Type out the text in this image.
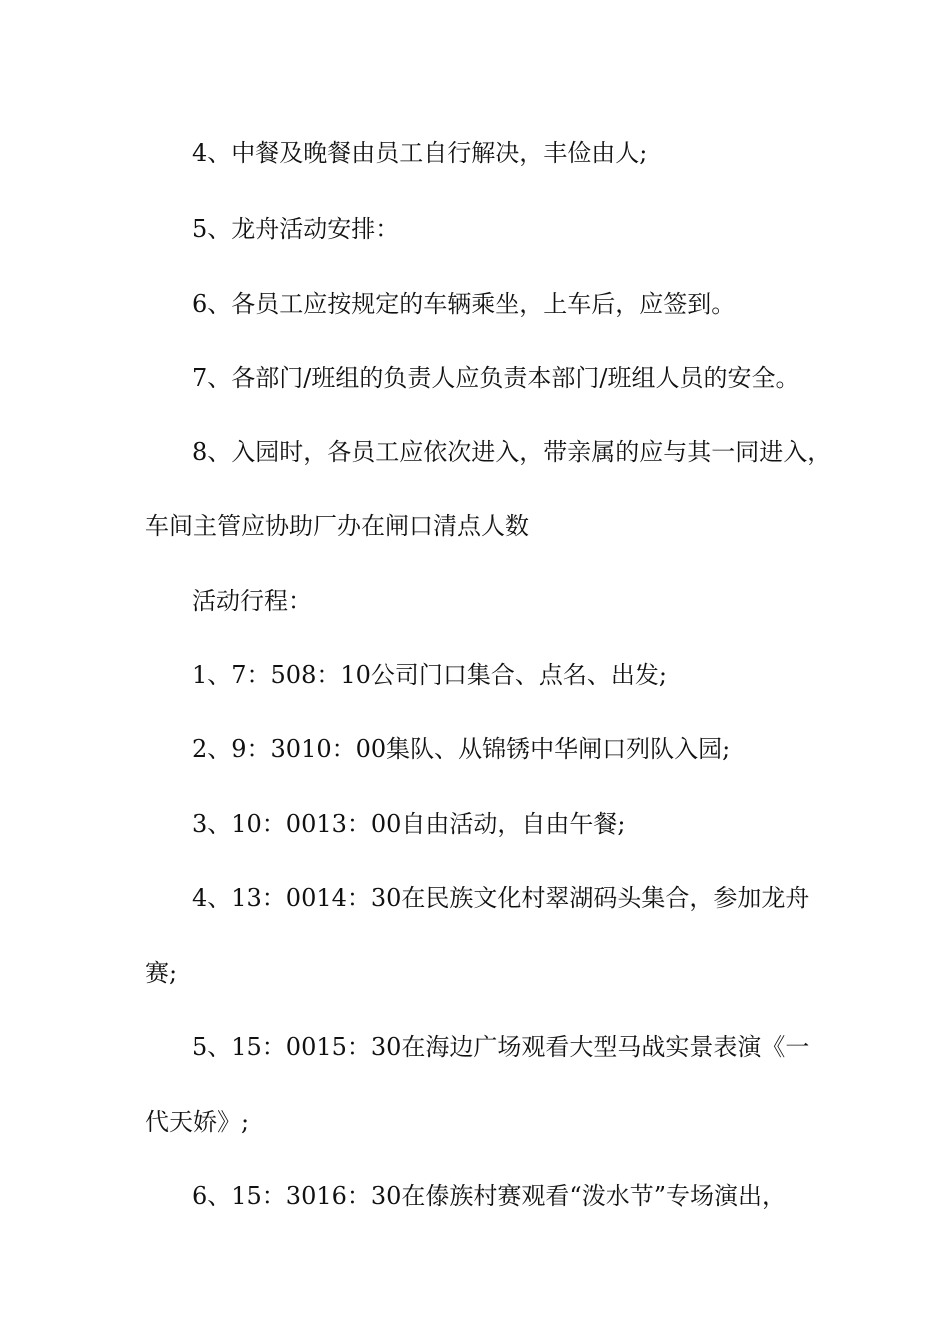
4、中餐及晚餐由员工自行解决，丰俭由人;
5、龙舟活动安排：
6、各员工应按规定的车辆乘坐，上车后，应签到。
7、各部门/班组的负责人应负责本部门/班组人员的安全。
8、入园时，各员工应依次进入，带亲属的应与其一同进入，
车间主管应协助厂办在闸口清点人数
活动行程：
1、7：508：10公司门口集合、点名、出发;
2、9：3010：00集队、从锦锈中华闸口列队入园;
3、10：0013：00自由活动，自由午餐;
4、13：0014：30在民族文化村翠湖码头集合，参加龙舟
赛;
5、15：0015：30在海边广场观看大型马战实景表演《一
代天娇》;
6、15：3016：30在傣族村赛观看“泼水节”专场演出，
